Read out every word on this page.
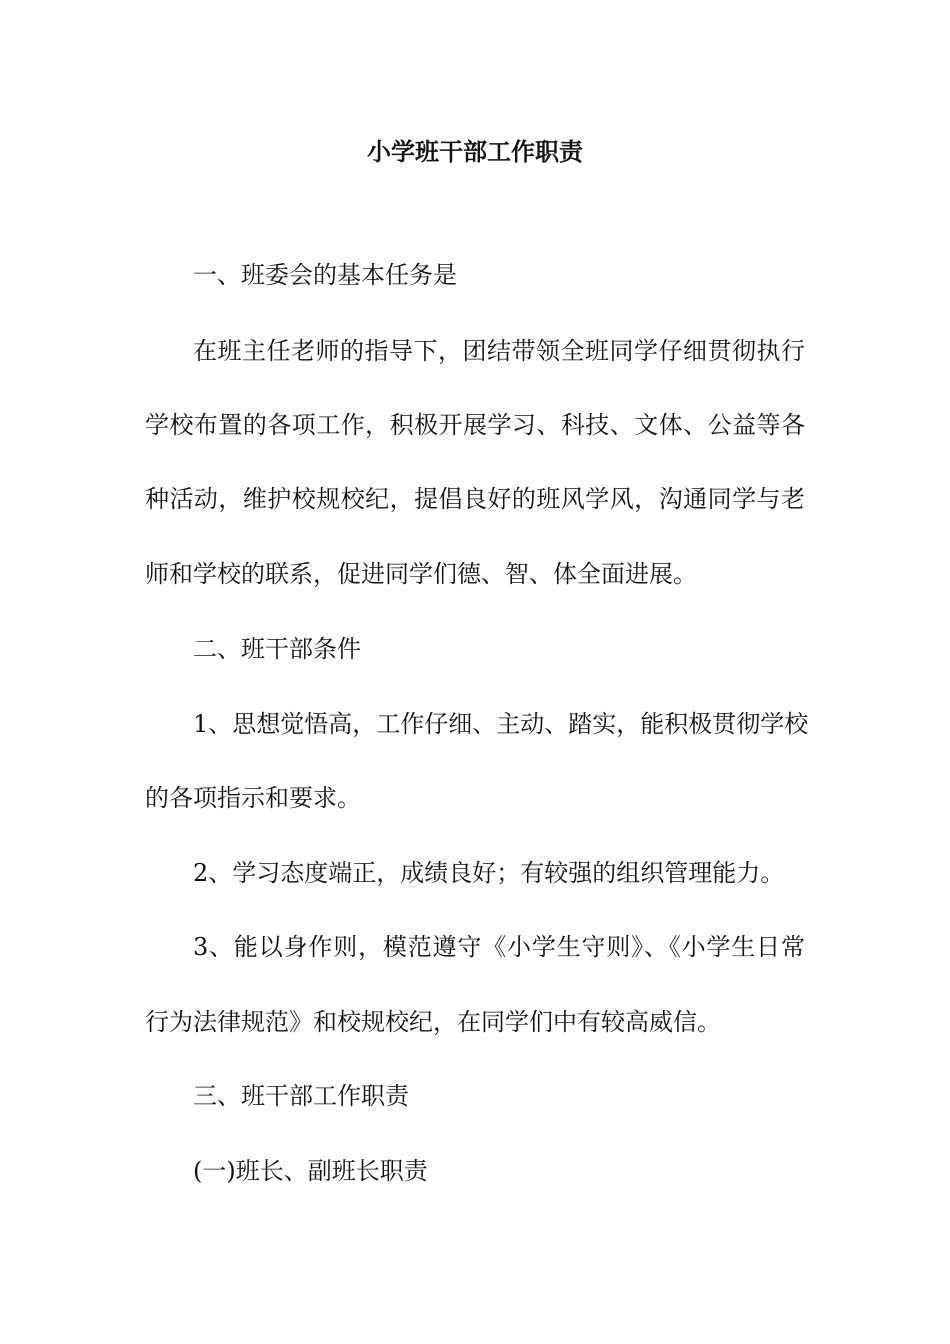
小学班干部工作职责
一、班委会的基本任务是
在班主任老师的指导下，团结带领全班同学仔细贯彻执行
学校布置的各项工作，积极开展学习、科技、文体、公益等各
种活动，维护校规校纪，提倡良好的班风学风，沟通同学与老
师和学校的联系，促进同学们德、智、体全面进展。
二、班干部条件
1、思想觉悟高，工作仔细、主动、踏实，能积极贯彻学校
的各项指示和要求。
2、学习态度端正，成绩良好；有较强的组织管理能力。
3、能以身作则，模范遵守《小学生守则》、《小学生日常
行为法律规范》和校规校纪，在同学们中有较高威信。
三、班干部工作职责
(一)班长、副班长职责
